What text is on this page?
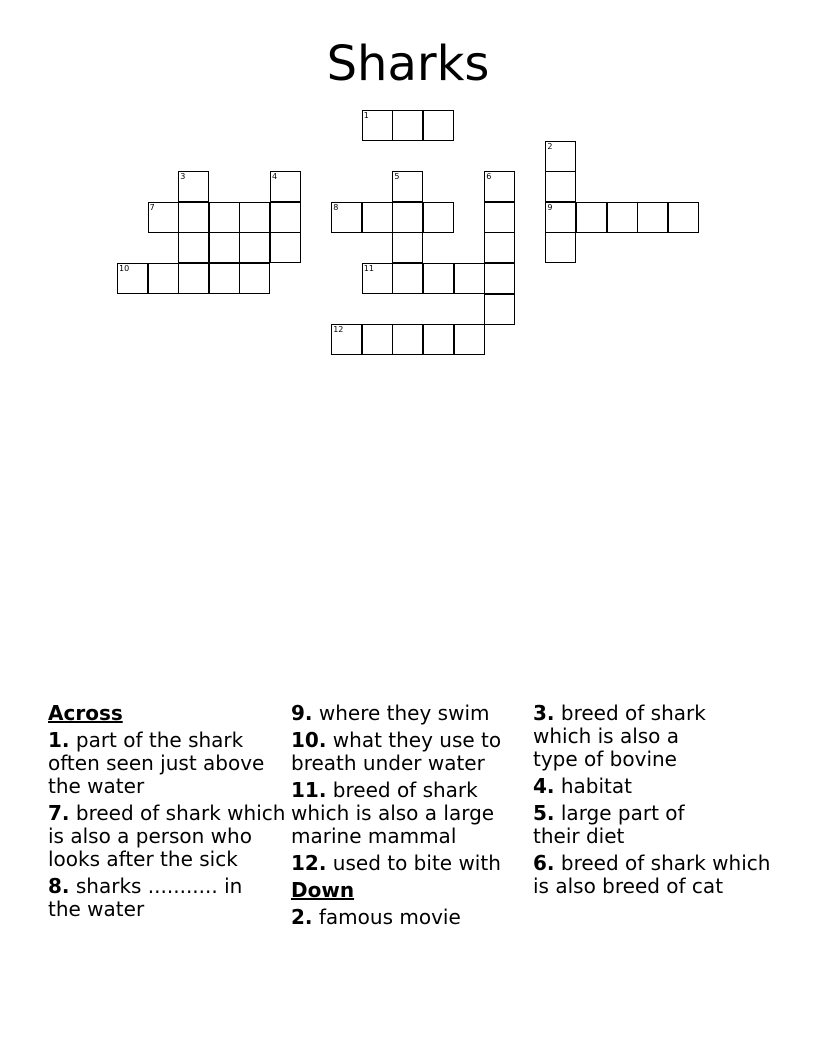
Sharks
1
2
3	4	5	6
7	8	9
10	11
12
Across
1. part of the shark often seen just above the water
7. breed of shark which is also a person who looks after the sick
8. sharks ........... in the water
9. where they swim
10. what they use to breath under water
11. breed of shark which is also a large marine mammal
12. used to bite with
Down
2. famous movie
3. breed of shark which is also a type of bovine
4. habitat
5. large part of their diet
6. breed of shark which is also breed of cat
